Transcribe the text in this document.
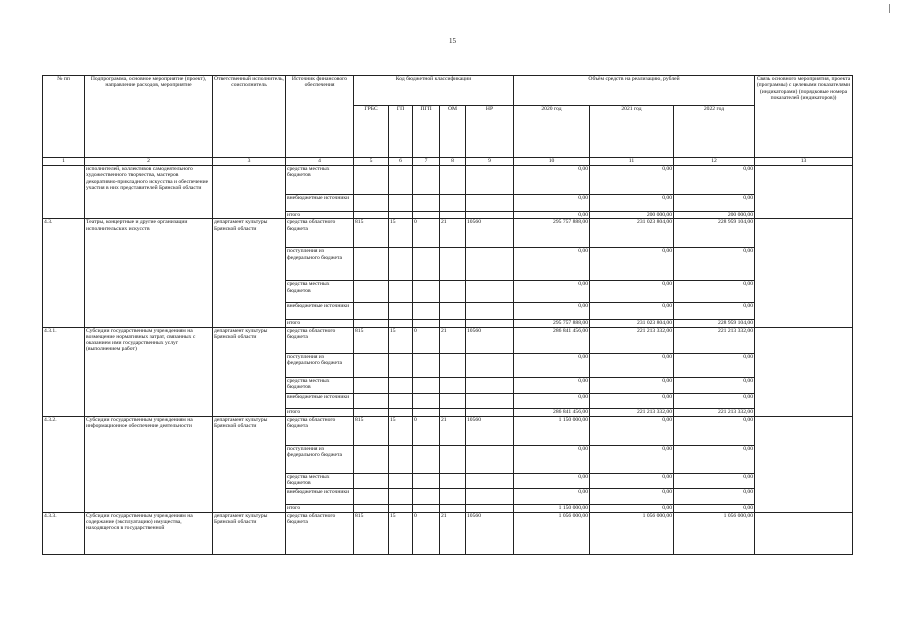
15
№ пп	Подпрограмма, основное мероприятие (проект), направление расходов, мероприятие	Ответственный исполнитель, соисполнитель	Источник финансового обеспечения	Код бюджетной классификации					Объём средств на реализацию, рублей			Связь основного мероприятия, проекта (программы) с целевыми показателями (индикаторами) (порядковые номера показателей (индикаторов))
				ГРБС	ГП	ПГП	ОМ	НР	2020 год	2021 год	2022 год	
1	2	3	4	5	6	7	8	9	10	11	12	13
	исполнителей, коллективов самодеятельного художественного творчества, мастеров декоративно-прикладного искусства и обеспечение участия в них представителей Брянской области		средства местных бюджетов						0,00	0,00	0,00	
			внебюджетные источники						0,00	0,00	0,00	
			итого						0,00	200 000,00	200 000,00	
4.3.	Театры, концертные и другие организации исполнительских искусств	департамент культуры Брянской области	средства областного бюджета	815	15	0	21	10560	295 757 888,00	231 023 804,00	228 959 104,00	
			поступления из федерального бюджета						0,00	0,00	0,00	
			средства местных бюджетов						0,00	0,00	0,00	
			внебюджетные источники						0,00	0,00	0,00	
			итого						295 757 888,00	231 023 804,00	228 959 104,00	
4.3.1.	Субсидии государственным учреждениям на возмещение нормативных затрат, связанных с оказанием ими государственных услуг (выполнением работ)	департамент культуры Брянской области	средства областного бюджета	815	15	0	21	10560	286 841 456,00	221 213 332,00	221 213 332,00	
			поступления из федерального бюджета						0,00	0,00	0,00	
			средства местных бюджетов						0,00	0,00	0,00	
			внебюджетные источники						0,00	0,00	0,00	
			итого						286 841 456,00	221 213 332,00	221 213 332,00	
4.3.2.	Субсидии государственным учреждениям на информационное обеспечение деятельности	департамент культуры Брянской области	средства областного бюджета	815	15	0	21	10560	1 150 000,00	0,00	0,00	
			поступления из федерального бюджета						0,00	0,00	0,00	
			средства местных бюджетов						0,00	0,00	0,00	
			внебюджетные источники						0,00	0,00	0,00	
			итого						1 150 000,00	0,00	0,00	
4.3.3.	Субсидии государственным учреждениям на содержание (эксплуатацию) имущества, находящегося в государственной	департамент культуры Брянской области	средства областного бюджета	815	15	0	21	10560	1 056 000,00	1 056 000,00	1 056 000,00	
